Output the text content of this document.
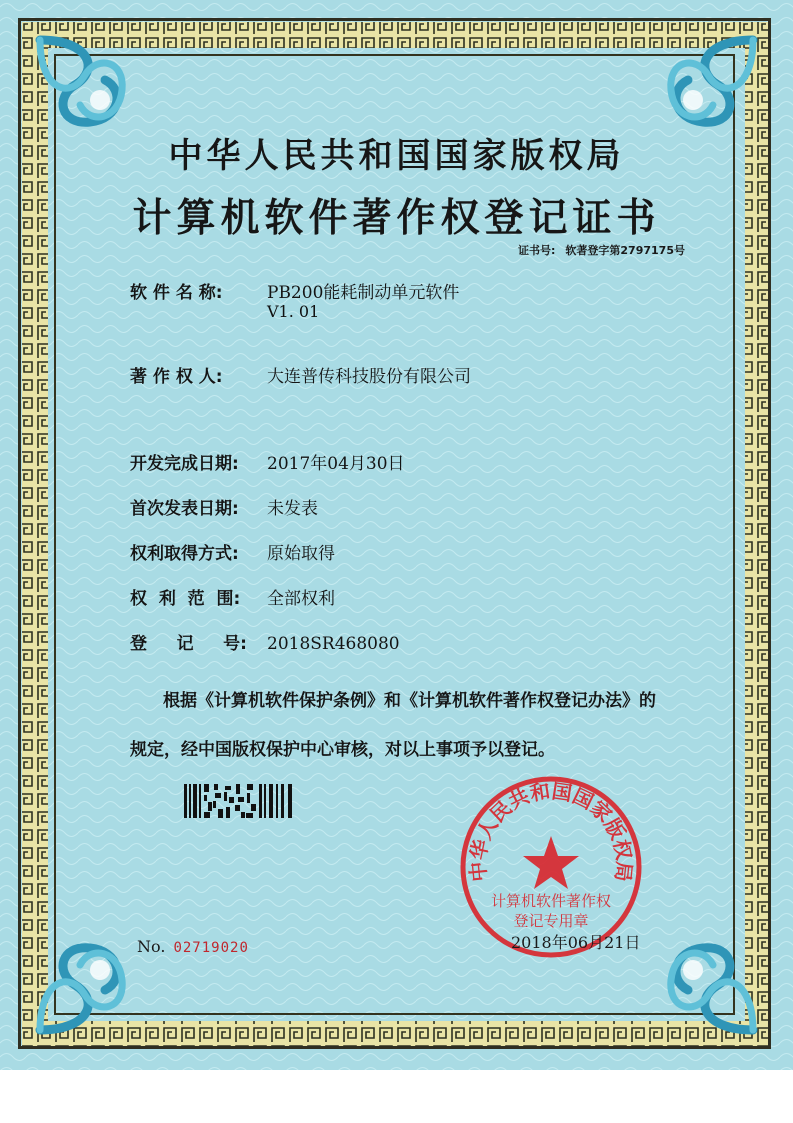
中华人民共和国国家版权局
计算机软件著作权登记证书
证书号: 软著登字第2797175号
软 件 名 称:	PB200能耗制动单元软件
V1. 01
著 作 权 人:	大连普传科技股份有限公司
开发完成日期: 2017年04月30日
首次发表日期: 未发表
权利取得方式: 原始取得
权  利  范  围: 全部权利
登     记     号: 2018SR468080
根据《计算机软件保护条例》和《计算机软件著作权登记办法》的
规定，经中国版权保护中心审核，对以上事项予以登记。
中华人民共和国国家版权局
计算机软件著作权
登记专用章
2018年06月21日
No. 02719020
